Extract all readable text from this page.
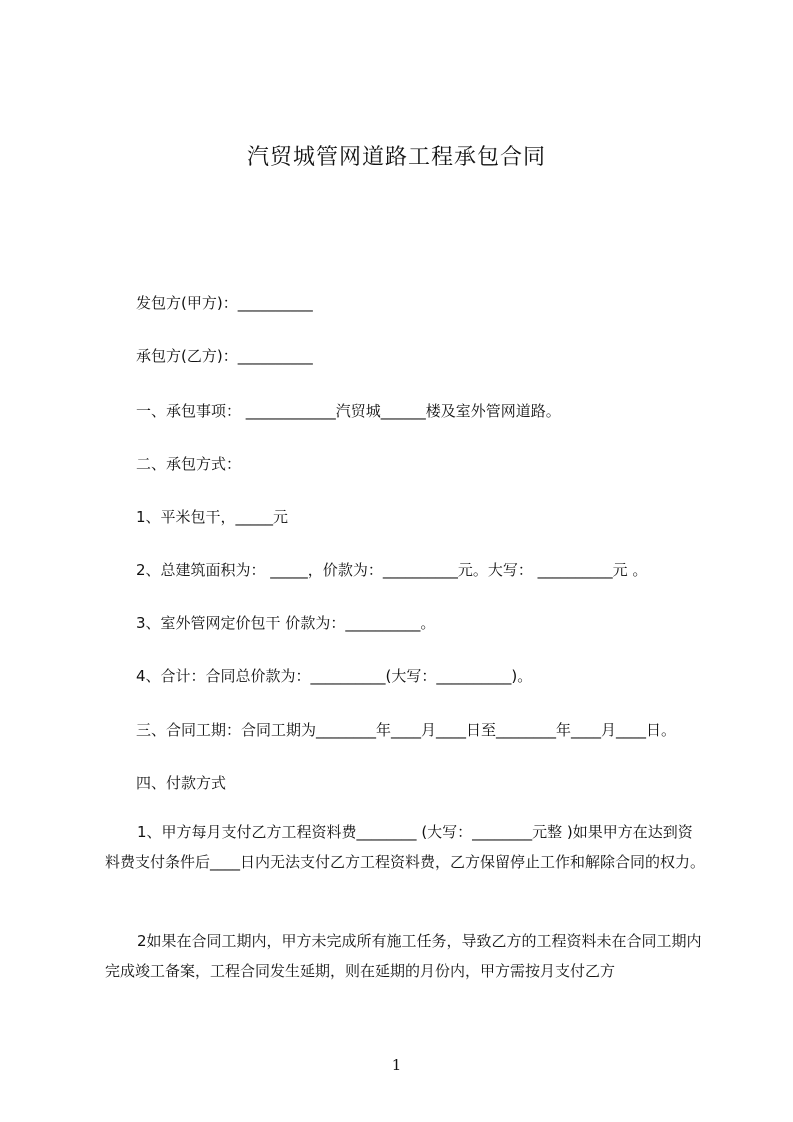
汽贸城管网道路工程承包合同
发包方(甲方)：__________
承包方(乙方)：__________
一、承包事项： ____________汽贸城______楼及室外管网道路。
二、承包方式：
1、平米包干，_____元
2、总建筑面积为： _____，价款为：__________元。大写： __________元 。
3、室外管网定价包干 价款为：__________。
4、合计：合同总价款为：__________(大写：__________)。
三、合同工期：合同工期为________年____月____日至________年____月____日。
四、付款方式
1、甲方每月支付乙方工程资料费________ (大写：________元整 )如果甲方在达到资料费支付条件后____日内无法支付乙方工程资料费，乙方保留停止工作和解除合同的权力。
2如果在合同工期内，甲方未完成所有施工任务，导致乙方的工程资料未在合同工期内完成竣工备案，工程合同发生延期，则在延期的月份内，甲方需按月支付乙方
1
